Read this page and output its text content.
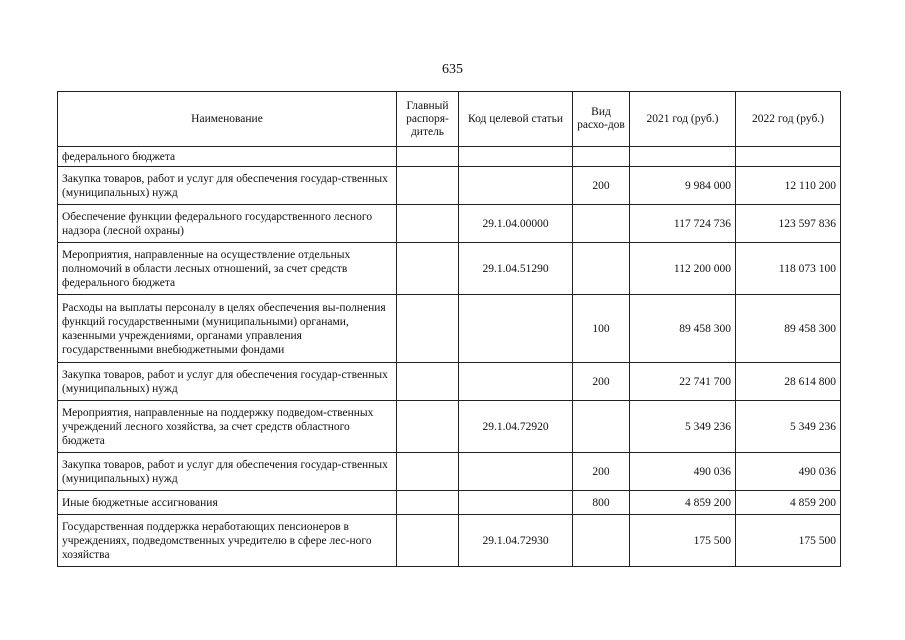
635
Наименование	Главный распоря-дитель	Код целевой статьи	Вид расхо-дов	2021 год (руб.)	2022 год (руб.)
федерального бюджета					
Закупка товаров, работ и услуг для обеспечения государ-ственных (муниципальных) нужд			200	9 984 000	12 110 200
Обеспечение функции федерального государственного лесного надзора (лесной охраны)		29.1.04.00000		117 724 736	123 597 836
Мероприятия, направленные на осуществление отдельных полномочий в области лесных отношений, за счет средств федерального бюджета		29.1.04.51290		112 200 000	118 073 100
Расходы на выплаты персоналу в целях обеспечения вы-полнения функций государственными (муниципальными) органами, казенными учреждениями, органами управления государственными внебюджетными фондами			100	89 458 300	89 458 300
Закупка товаров, работ и услуг для обеспечения государ-ственных (муниципальных) нужд			200	22 741 700	28 614 800
Мероприятия, направленные на поддержку подведом-ственных учреждений лесного хозяйства, за счет средств областного бюджета		29.1.04.72920		5 349 236	5 349 236
Закупка товаров, работ и услуг для обеспечения государ-ственных (муниципальных) нужд			200	490 036	490 036
Иные бюджетные ассигнования			800	4 859 200	4 859 200
Государственная поддержка неработающих пенсионеров в учреждениях, подведомственных учредителю в сфере лес-ного хозяйства		29.1.04.72930		175 500	175 500
